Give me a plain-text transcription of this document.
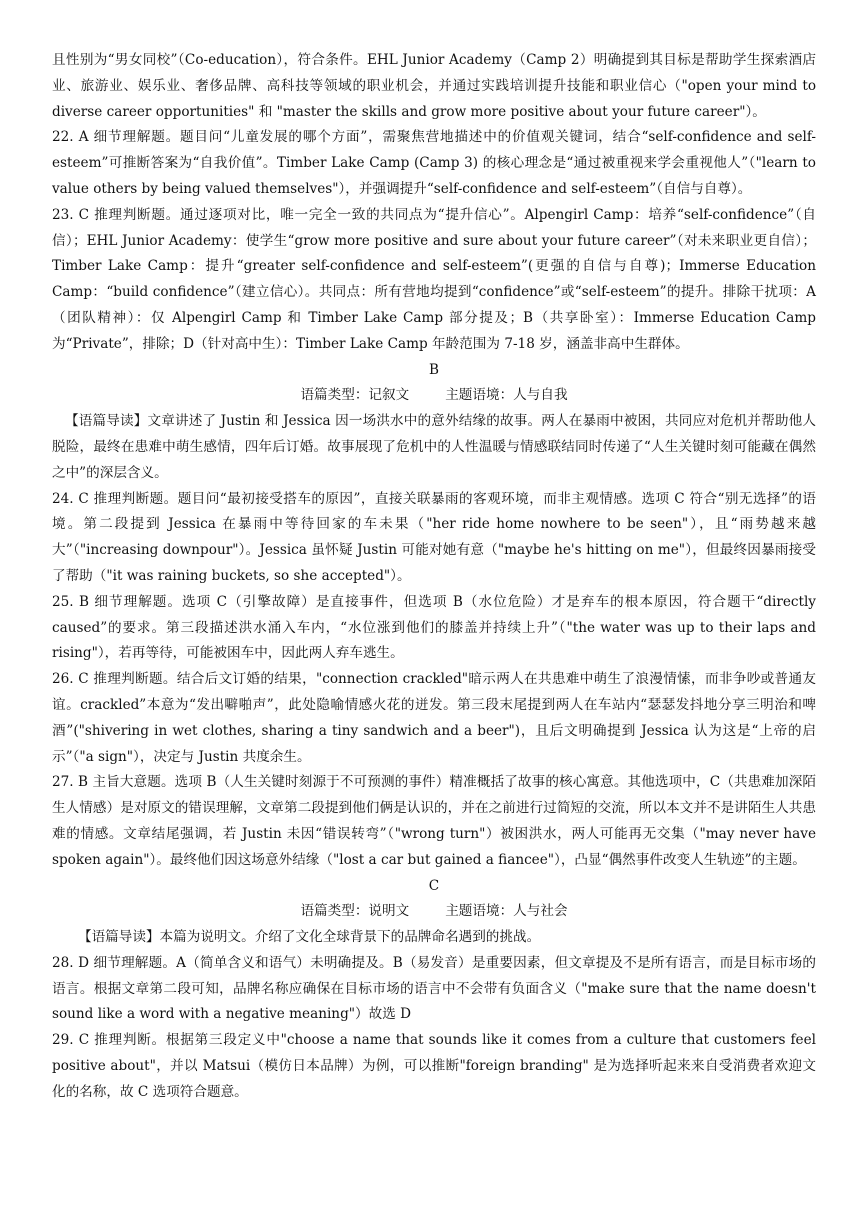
且性别为“男女同校”（Co-education），符合条件。EHL Junior Academy（Camp 2）明确提到其目标是帮助学生探索酒店业、旅游业、娱乐业、奢侈品牌、高科技等领域的职业机会，并通过实践培训提升技能和职业信心（"open your mind to diverse career opportunities" 和 "master the skills and grow more positive about your future career"）。

22. A 细节理解题。题目问“儿童发展的哪个方面”，需聚焦营地描述中的价值观关键词，结合“self-confidence and self-esteem”可推断答案为“自我价值”。Timber Lake Camp (Camp 3) 的核心理念是“通过被重视来学会重视他人”（"learn to value others by being valued themselves"），并强调提升“self-confidence and self-esteem”（自信与自尊）。

23. C 推理判断题。通过逐项对比，唯一完全一致的共同点为“提升信心”。Alpengirl Camp：培养“self-confidence”（自信）；EHL Junior Academy：使学生“grow more positive and sure about your future career”（对未来职业更自信）；Timber Lake Camp：提升“greater self-confidence and self-esteem”(更强的自信与自尊)；Immerse Education Camp：“build confidence”（建立信心）。共同点：所有营地均提到“confidence”或“self-esteem”的提升。排除干扰项：A（团队精神）：仅 Alpengirl Camp 和 Timber Lake Camp 部分提及；B（共享卧室）：Immerse Education Camp 为“Private”，排除；D（针对高中生）：Timber Lake Camp 年龄范围为 7-18 岁，涵盖非高中生群体。

B

语篇类型：记叙文	主题语境：人与自我

【语篇导读】文章讲述了 Justin 和 Jessica 因一场洪水中的意外结缘的故事。两人在暴雨中被困，共同应对危机并帮助他人脱险，最终在患难中萌生感情，四年后订婚。故事展现了危机中的人性温暖与情感联结同时传递了“人生关键时刻可能藏在偶然之中”的深层含义。

24. C 推理判断题。题目问“最初接受搭车的原因”，直接关联暴雨的客观环境，而非主观情感。选项 C 符合“别无选择”的语境。第二段提到 Jessica 在暴雨中等待回家的车未果（"her ride home nowhere to be seen"），且“雨势越来越大”（"increasing downpour"）。Jessica 虽怀疑 Justin 可能对她有意（"maybe he's hitting on me"），但最终因暴雨接受了帮助（"it was raining buckets, so she accepted"）。

25. B 细节理解题。选项 C（引擎故障）是直接事件，但选项 B（水位危险）才是弃车的根本原因，符合题干“directly caused”的要求。第三段描述洪水涌入车内，“水位涨到他们的膝盖并持续上升”（"the water was up to their laps and rising"），若再等待，可能被困车中，因此两人弃车逃生。

26. C 推理判断题。结合后文订婚的结果，"connection crackled"暗示两人在共患难中萌生了浪漫情愫，而非争吵或普通友谊。crackled”本意为“发出噼啪声”，此处隐喻情感火花的迸发。第三段末尾提到两人在车站内“瑟瑟发抖地分享三明治和啤酒”("shivering in wet clothes, sharing a tiny sandwich and a beer")，且后文明确提到 Jessica 认为这是“上帝的启示”（"a sign"），决定与 Justin 共度余生。

27. B 主旨大意题。选项 B（人生关键时刻源于不可预测的事件）精准概括了故事的核心寓意。其他选项中，C（共患难加深陌生人情感）是对原文的错误理解，文章第二段提到他们俩是认识的，并在之前进行过简短的交流，所以本文并不是讲陌生人共患难的情感。文章结尾强调，若 Justin 未因“错误转弯”（"wrong turn"）被困洪水，两人可能再无交集（"may never have spoken again"）。最终他们因这场意外结缘（"lost a car but gained a fiancee"），凸显“偶然事件改变人生轨迹”的主题。

C

语篇类型：说明文	主题语境：人与社会

【语篇导读】本篇为说明文。介绍了文化全球背景下的品牌命名遇到的挑战。

28. D 细节理解题。A（简单含义和语气）未明确提及。B（易发音）是重要因素，但文章提及不是所有语言，而是目标市场的语言。根据文章第二段可知，品牌名称应确保在目标市场的语言中不会带有负面含义（"make sure that the name doesn't sound like a word with a negative meaning"）故选 D

29. C 推理判断。根据第三段定义中"choose a name that sounds like it comes from a culture that customers feel positive about"，并以 Matsui（模仿日本品牌）为例，可以推断"foreign branding" 是为选择听起来来自受消费者欢迎文化的名称，故 C 选项符合题意。
